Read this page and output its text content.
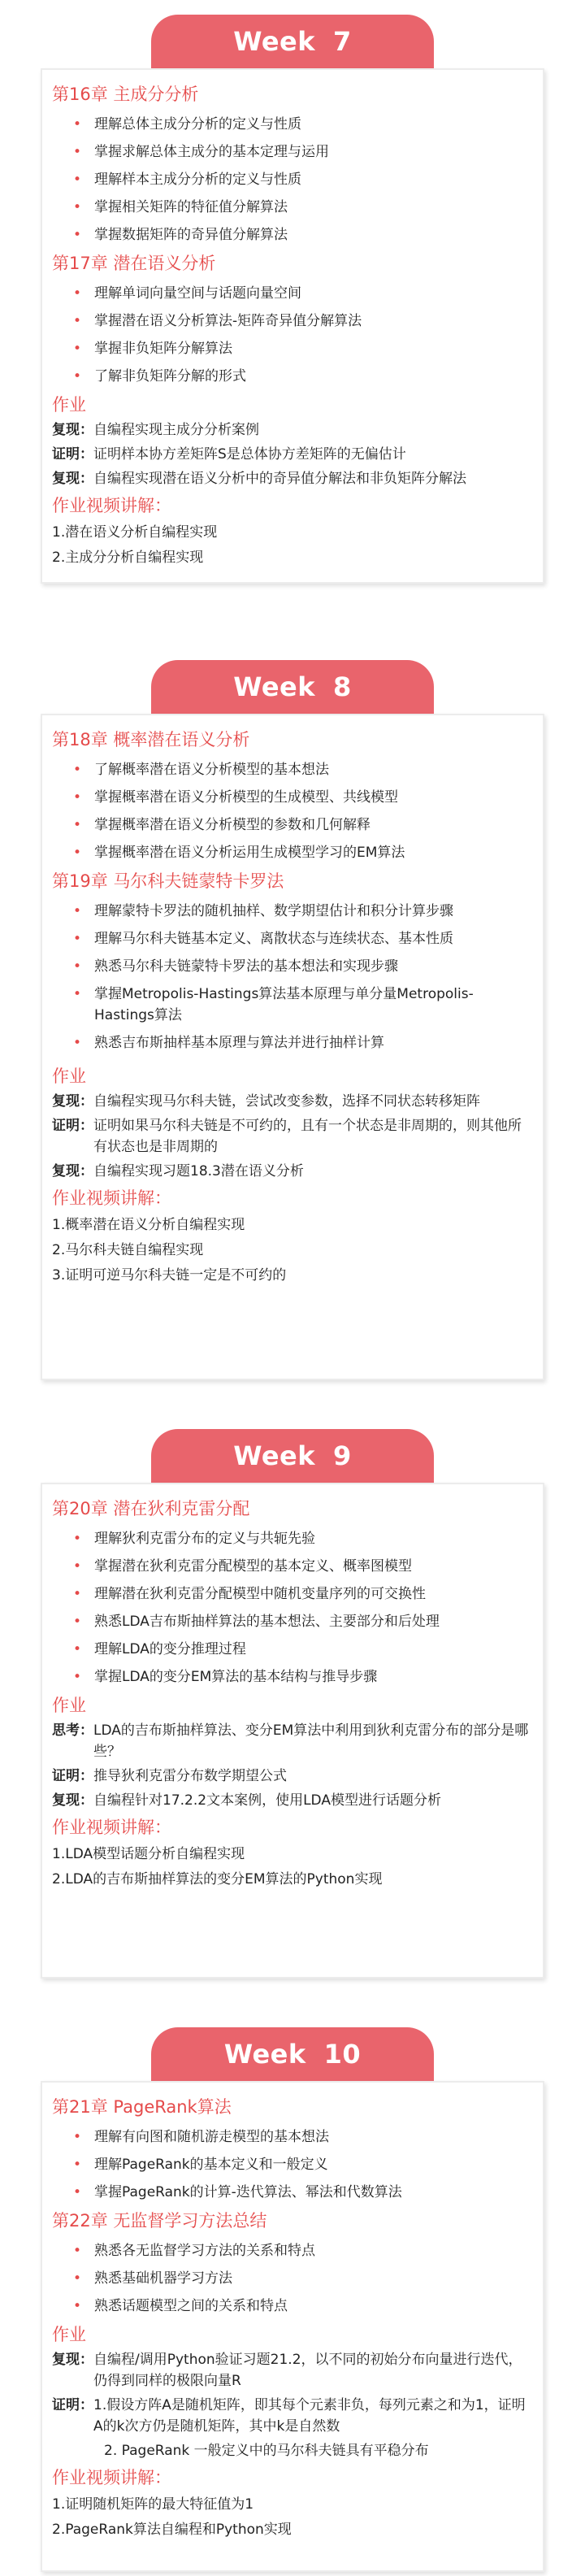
Week 7
第16章 主成分分析
• 理解总体主成分分析的定义与性质
• 掌握求解总体主成分的基本定理与运用
• 理解样本主成分分析的定义与性质
• 掌握相关矩阵的特征值分解算法
• 掌握数据矩阵的奇异值分解算法
第17章 潜在语义分析
• 理解单词向量空间与话题向量空间
• 掌握潜在语义分析算法-矩阵奇异值分解算法
• 掌握非负矩阵分解算法
• 了解非负矩阵分解的形式
作业
复现： 自编程实现主成分分析案例
证明： 证明样本协方差矩阵S是总体协方差矩阵的无偏估计
复现： 自编程实现潜在语义分析中的奇异值分解法和非负矩阵分解法
作业视频讲解：
1.潜在语义分析自编程实现
2.主成分分析自编程实现
Week 8
第18章 概率潜在语义分析
• 了解概率潜在语义分析模型的基本想法
• 掌握概率潜在语义分析模型的生成模型、共线模型
• 掌握概率潜在语义分析模型的参数和几何解释
• 掌握概率潜在语义分析运用生成模型学习的EM算法
第19章 马尔科夫链蒙特卡罗法
• 理解蒙特卡罗法的随机抽样、数学期望估计和积分计算步骤
• 理解马尔科夫链基本定义、离散状态与连续状态、基本性质
• 熟悉马尔科夫链蒙特卡罗法的基本想法和实现步骤
• 掌握Metropolis-Hastings算法基本原理与单分量Metropolis-Hastings算法
• 熟悉吉布斯抽样基本原理与算法并进行抽样计算
作业
复现： 自编程实现马尔科夫链，尝试改变参数，选择不同状态转移矩阵
证明： 证明如果马尔科夫链是不可约的，且有一个状态是非周期的，则其他所有状态也是非周期的
复现： 自编程实现习题18.3潜在语义分析
作业视频讲解：
1.概率潜在语义分析自编程实现
2.马尔科夫链自编程实现
3.证明可逆马尔科夫链一定是不可约的
Week 9
第20章 潜在狄利克雷分配
• 理解狄利克雷分布的定义与共轭先验
• 掌握潜在狄利克雷分配模型的基本定义、概率图模型
• 理解潜在狄利克雷分配模型中随机变量序列的可交换性
• 熟悉LDA吉布斯抽样算法的基本想法、主要部分和后处理
• 理解LDA的变分推理过程
• 掌握LDA的变分EM算法的基本结构与推导步骤
作业
思考： LDA的吉布斯抽样算法、变分EM算法中利用到狄利克雷分布的部分是哪些？
证明： 推导狄利克雷分布数学期望公式
复现： 自编程针对17.2.2文本案例，使用LDA模型进行话题分析
作业视频讲解：
1.LDA模型话题分析自编程实现
2.LDA的吉布斯抽样算法的变分EM算法的Python实现
Week 10
第21章 PageRank算法
• 理解有向图和随机游走模型的基本想法
• 理解PageRank的基本定义和一般定义
• 掌握PageRank的计算-迭代算法、幂法和代数算法
第22章 无监督学习方法总结
• 熟悉各无监督学习方法的关系和特点
• 熟悉基础机器学习方法
• 熟悉话题模型之间的关系和特点
作业
复现： 自编程/调用Python验证习题21.2，以不同的初始分布向量进行迭代，仍得到同样的极限向量R
证明： 1.假设方阵A是随机矩阵，即其每个元素非负，每列元素之和为1，证明A的k次方仍是随机矩阵，其中k是自然数
2. PageRank 一般定义中的马尔科夫链具有平稳分布
作业视频讲解：
1.证明随机矩阵的最大特征值为1
2.PageRank算法自编程和Python实现
